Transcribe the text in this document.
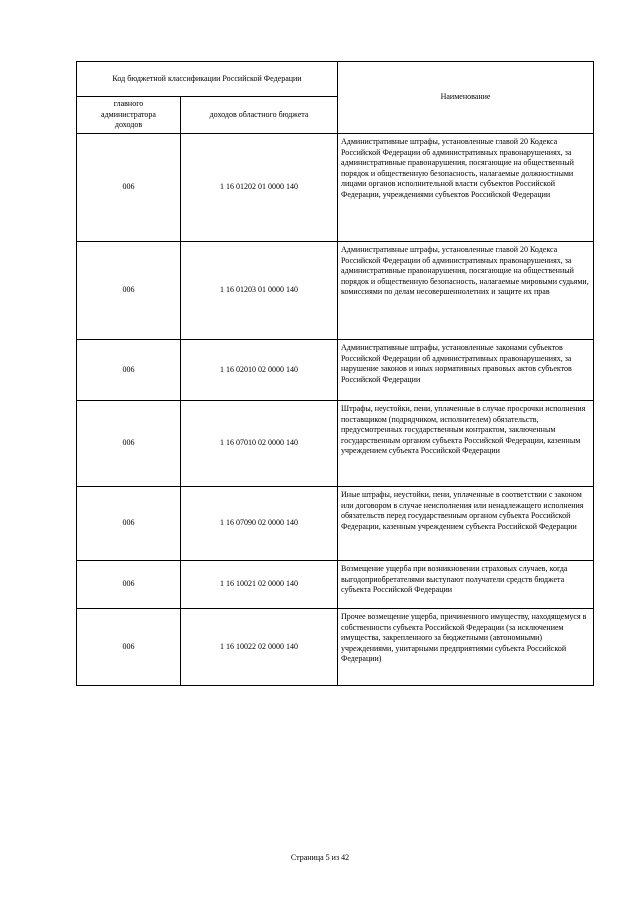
Код бюджетной классификации Российской Федерации		Наименование
главного администратора доходов	доходов областного бюджета	
006	1 16 01202 01 0000 140	Административные штрафы, установленные главой 20 Кодекса Российской Федерации об административных правонарушениях, за административные правонарушения, посягающие на общественный порядок и общественную безопасность, налагаемые должностными лицами органов исполнительной власти субъектов Российской Федерации, учреждениями субъектов Российской Федерации
006	1 16 01203 01 0000 140	Административные штрафы, установленные главой 20 Кодекса Российской Федерации об административных правонарушениях, за административные правонарушения, посягающие на общественный порядок и общественную безопасность, налагаемые мировыми судьями, комиссиями по делам несовершеннолетних и защите их прав
006	1 16 02010 02 0000 140	Административные штрафы, установленные законами субъектов Российской Федерации об административных правонарушениях, за нарушение законов и иных нормативных правовых актов субъектов Российской Федерации
006	1 16 07010 02 0000 140	Штрафы, неустойки, пени, уплаченные в случае просрочки исполнения поставщиком (подрядчиком, исполнителем) обязательств, предусмотренных государственным контрактом, заключенным государственным органом субъекта Российской Федерации, казенным учреждением субъекта Российской Федерации
006	1 16 07090 02 0000 140	Иные штрафы, неустойки, пени, уплаченные в соответствии с законом или договором в случае неисполнения или ненадлежащего исполнения обязательств перед государственным органом субъекта Российской Федерации, казенным учреждением субъекта Российской Федерации
006	1 16 10021 02 0000 140	Возмещение ущерба при возникновении страховых случаев, когда выгодоприобретателями выступают получатели средств бюджета субъекта Российской Федерации
006	1 16 10022 02 0000 140	Прочее возмещение ущерба, причиненного имуществу, находящемуся в собственности субъекта Российской Федерации (за исключением имущества, закрепленного за бюджетными (автономными) учреждениями, унитарными предприятиями субъекта Российской Федерации)
Страница 5 из 42
